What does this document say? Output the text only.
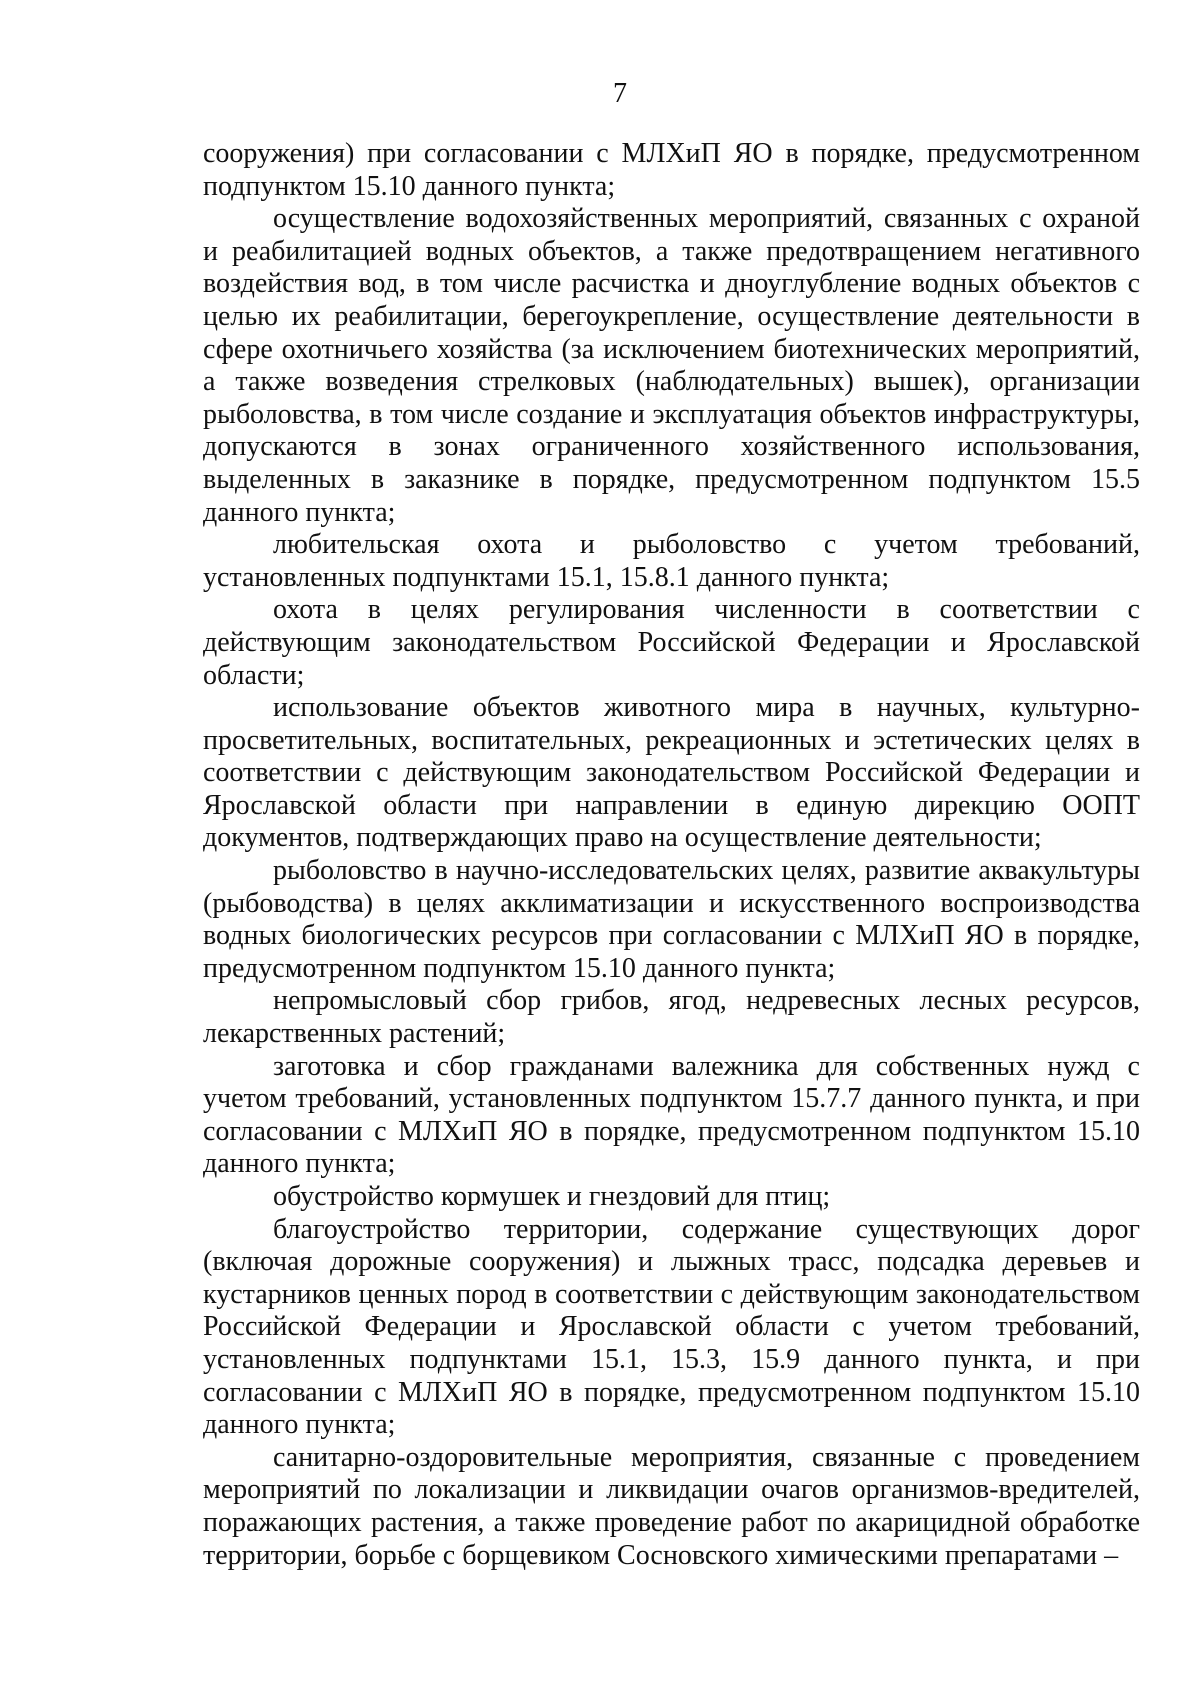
7

сооружения) при согласовании с МЛХиП ЯО в порядке, предусмотренном подпунктом 15.10 данного пункта;

осуществление водохозяйственных мероприятий, связанных с охраной и реабилитацией водных объектов, а также предотвращением негативного воздействия вод, в том числе расчистка и дноуглубление водных объектов с целью их реабилитации, берегоукрепление, осуществление деятельности в сфере охотничьего хозяйства (за исключением биотехнических мероприятий, а также возведения стрелковых (наблюдательных) вышек), организации рыболовства, в том числе создание и эксплуатация объектов инфраструктуры, допускаются в зонах ограниченного хозяйственного использования, выделенных в заказнике в порядке, предусмотренном подпунктом 15.5 данного пункта;

любительская охота и рыболовство с учетом требований, установленных подпунктами 15.1, 15.8.1 данного пункта;

охота в целях регулирования численности в соответствии с действующим законодательством Российской Федерации и Ярославской области;

использование объектов животного мира в научных, культурно-просветительных, воспитательных, рекреационных и эстетических целях в соответствии с действующим законодательством Российской Федерации и Ярославской области при направлении в единую дирекцию ООПТ документов, подтверждающих право на осуществление деятельности;

рыболовство в научно-исследовательских целях, развитие аквакультуры (рыбоводства) в целях акклиматизации и искусственного воспроизводства водных биологических ресурсов при согласовании с МЛХиП ЯО в порядке, предусмотренном подпунктом 15.10 данного пункта;

непромысловый сбор грибов, ягод, недревесных лесных ресурсов, лекарственных растений;

заготовка и сбор гражданами валежника для собственных нужд с учетом требований, установленных подпунктом 15.7.7 данного пункта, и при согласовании с МЛХиП ЯО в порядке, предусмотренном подпунктом 15.10 данного пункта;

обустройство кормушек и гнездовий для птиц;

благоустройство территории, содержание существующих дорог (включая дорожные сооружения) и лыжных трасс, подсадка деревьев и кустарников ценных пород в соответствии с действующим законодательством Российской Федерации и Ярославской области с учетом требований, установленных подпунктами 15.1, 15.3, 15.9 данного пункта, и при согласовании с МЛХиП ЯО в порядке, предусмотренном подпунктом 15.10 данного пункта;

санитарно-оздоровительные мероприятия, связанные с проведением мероприятий по локализации и ликвидации очагов организмов-вредителей, поражающих растения, а также проведение работ по акарицидной обработке территории, борьбе с борщевиком Сосновского химическими препаратами –
